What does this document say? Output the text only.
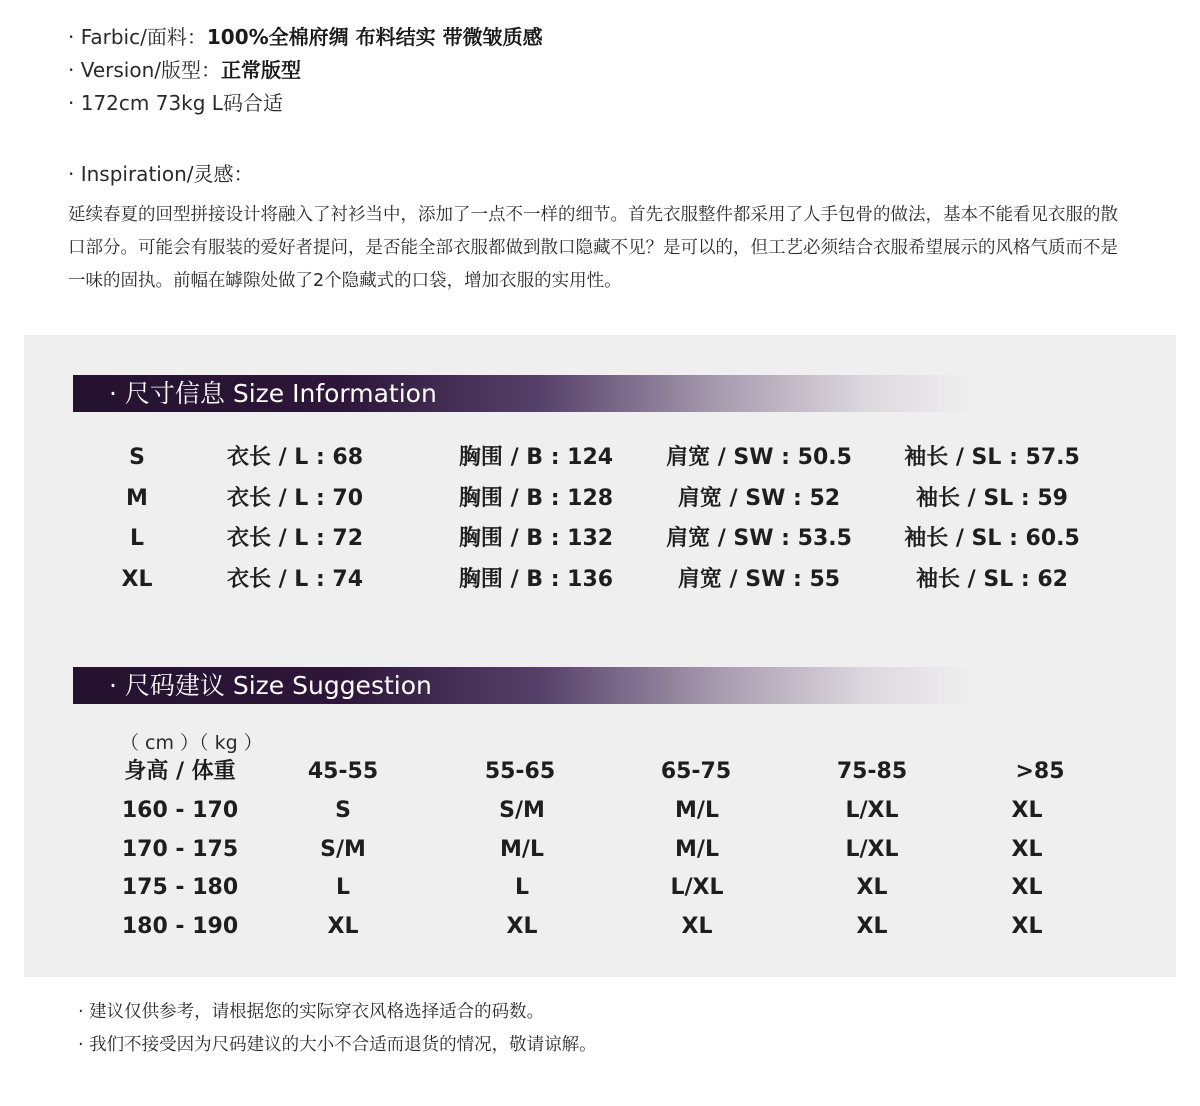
· Farbic/面料：100%全棉府绸 布料结实 带微皱质感
· Version/版型：正常版型
· 172cm 73kg L码合适
· Inspiration/灵感：
延续春夏的回型拼接设计将融入了衬衫当中，添加了一点不一样的细节。首先衣服整件都采用了人手包骨的做法，基本不能看见衣服的散口部分。可能会有服装的爱好者提问，是否能全部衣服都做到散口隐藏不见？是可以的，但工艺必须结合衣服希望展示的风格气质而不是一味的固执。前幅在罅隙处做了2个隐藏式的口袋，增加衣服的实用性。
· 尺寸信息 Size Information
S	衣长 / L : 68	胸围 / B : 124 肩宽 / SW : 50.5 袖长 / SL : 57.5
M	衣长 / L : 70	胸围 / B : 128	肩宽 / SW : 52	袖长 / SL : 59
L	衣长 / L : 72	胸围 / B : 132 肩宽 / SW : 53.5 袖长 / SL : 60.5
XL	衣长 / L : 74	胸围 / B : 136	肩宽 / SW : 55	袖长 / SL : 62
· 尺码建议 Size Suggestion
（ cm ）（ kg ）
身高 / 体重	45-55	55-65	65-75	75-85	>85
160 - 170	S	S/M	M/L	L/XL	XL
170 - 175	S/M	M/L	M/L	L/XL	XL
175 - 180	L	L	L/XL	XL	XL
180 - 190	XL	XL	XL	XL	XL
· 建议仅供参考，请根据您的实际穿衣风格选择适合的码数。
· 我们不接受因为尺码建议的大小不合适而退货的情况，敬请谅解。
